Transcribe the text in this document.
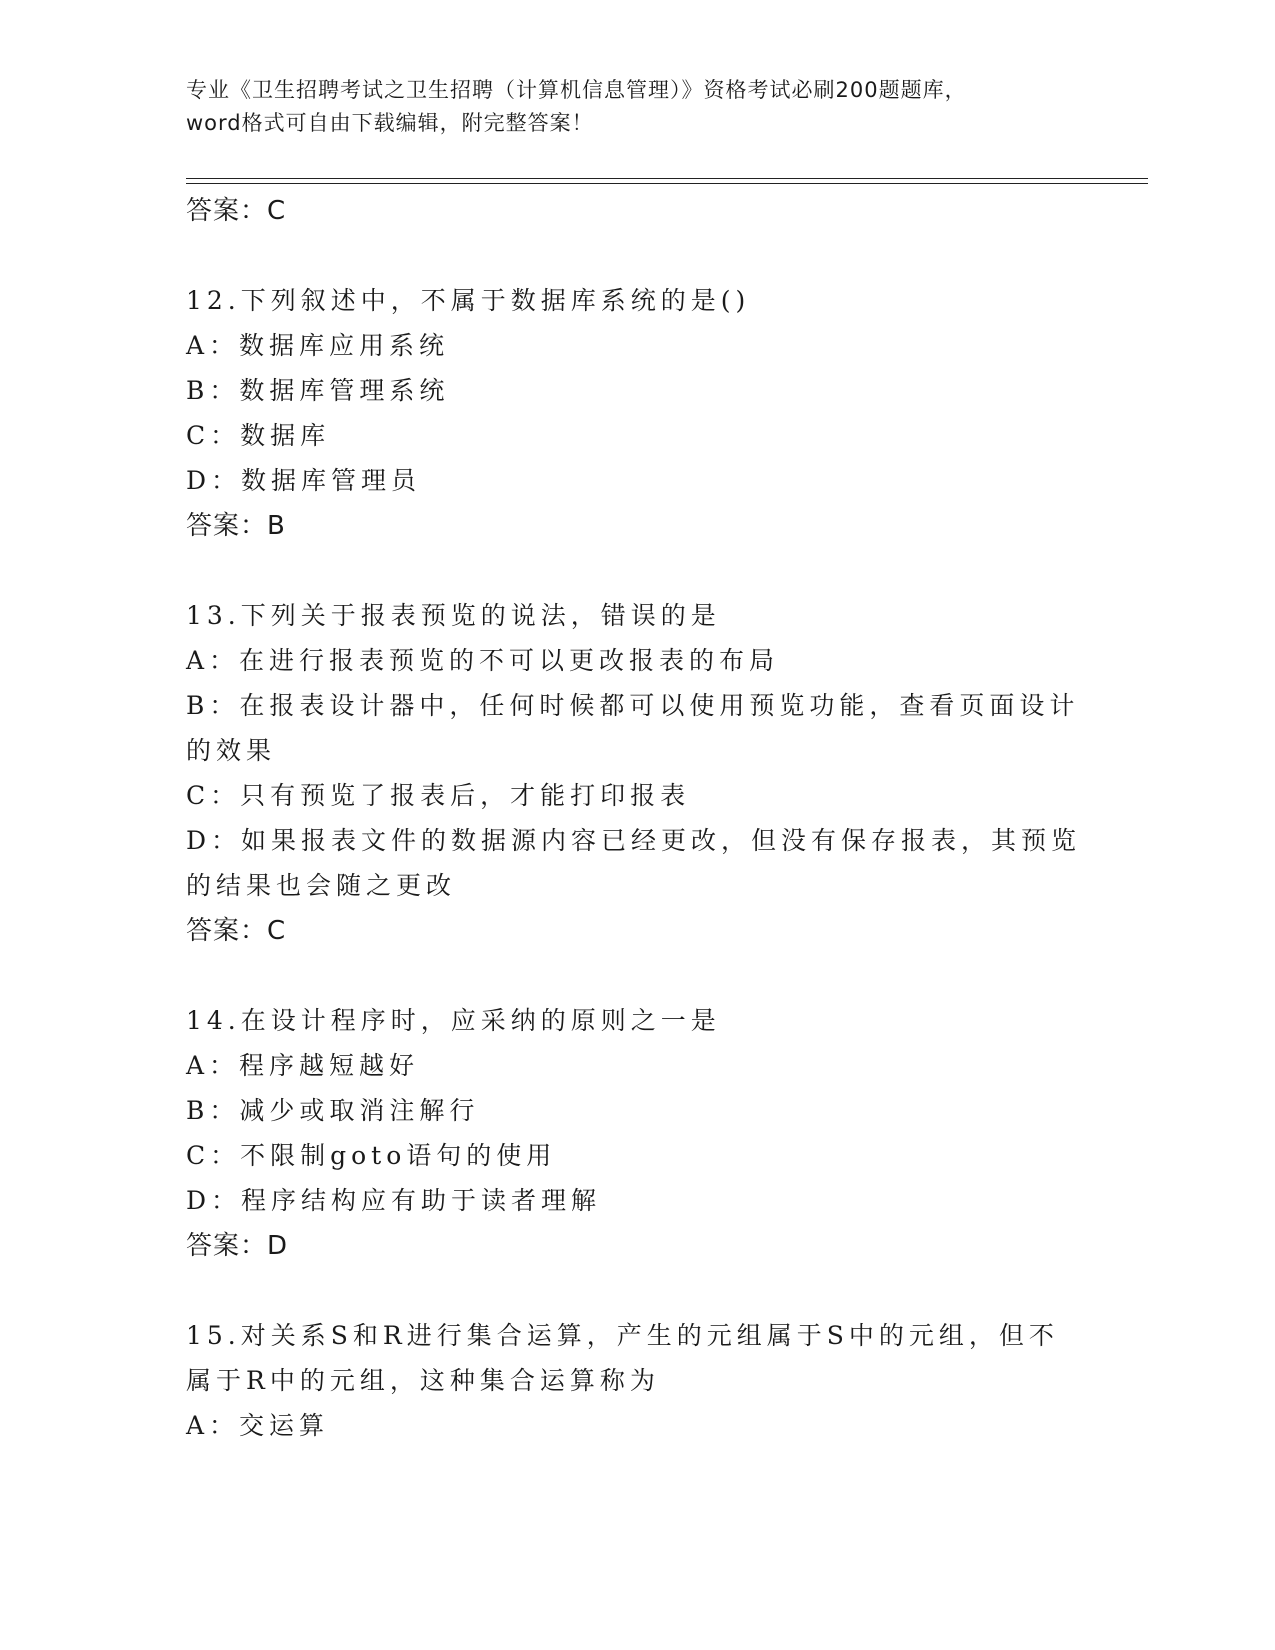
专业《卫生招聘考试之卫生招聘（计算机信息管理）》资格考试必刷200题题库，
word格式可自由下载编辑，附完整答案！
答案：C
12.下列叙述中，不属于数据库系统的是()
A：数据库应用系统
B：数据库管理系统
C：数据库
D：数据库管理员
答案：B
13.下列关于报表预览的说法，错误的是
A：在进行报表预览的不可以更改报表的布局
B：在报表设计器中，任何时候都可以使用预览功能，查看页面设计的效果
C：只有预览了报表后，才能打印报表
D：如果报表文件的数据源内容已经更改，但没有保存报表，其预览的结果也会随之更改
答案：C
14.在设计程序时，应采纳的原则之一是
A：程序越短越好
B：减少或取消注解行
C：不限制goto语句的使用
D：程序结构应有助于读者理解
答案：D
15.对关系S和R进行集合运算，产生的元组属于S中的元组，但不属于R中的元组，这种集合运算称为
A：交运算
